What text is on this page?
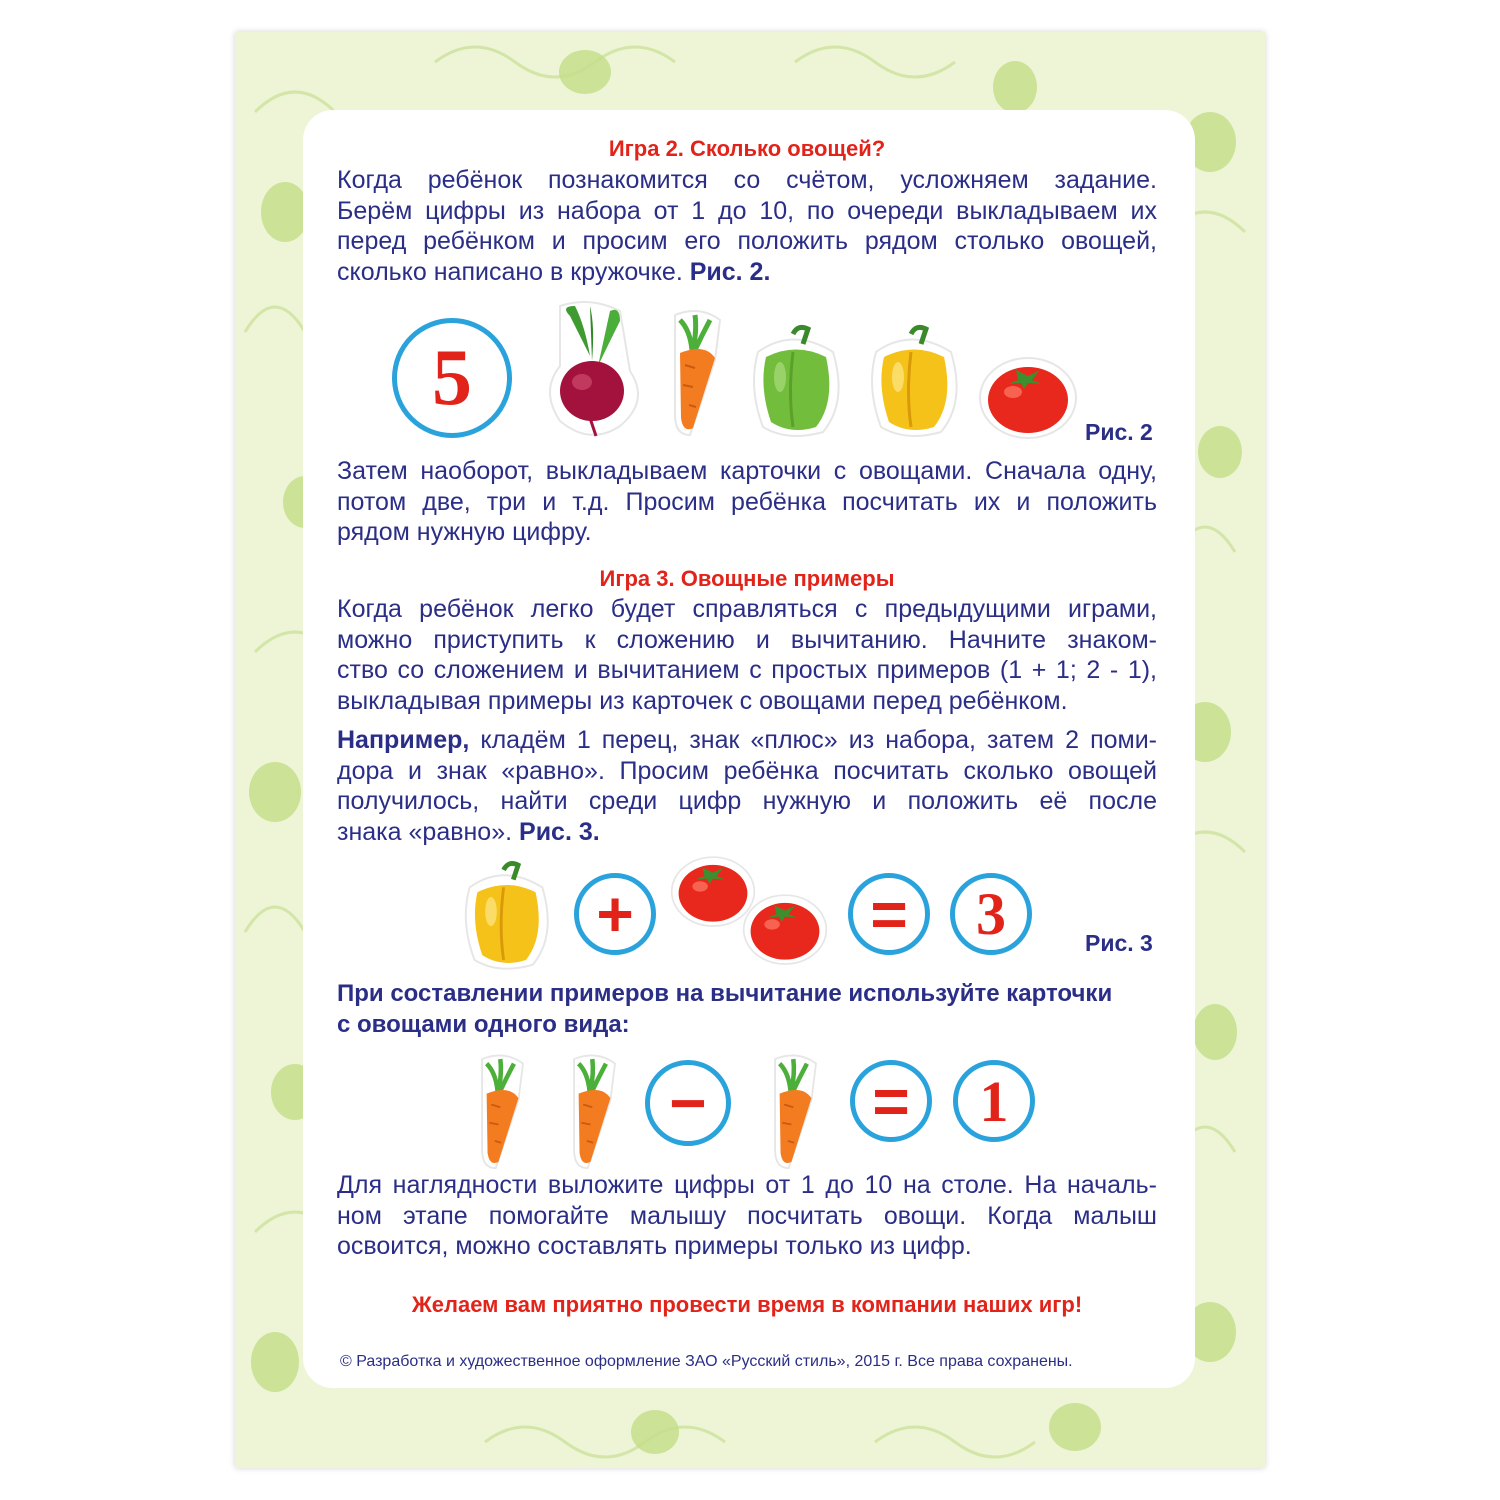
Игра 2. Сколько овощей?

Когда ребёнок познакомится со счётом, усложняем задание.
Берём цифры из набора от 1 до 10, по очереди выкладываем их
перед ребёнком и просим его положить рядом столько овощей,
сколько написано в кружочке. Рис. 2.
5
Рис. 2
Затем наоборот, выкладываем карточки с овощами. Сначала одну,
потом две, три и т.д. Просим ребёнка посчитать их и положить
рядом нужную цифру.

Игра 3. Овощные примеры

Когда ребёнок легко будет справляться с предыдущими играми,
можно приступить к сложению и вычитанию. Начните знаком-
ство со сложением и вычитанием с простых примеров (1 + 1; 2 - 1),
выкладывая примеры из карточек с овощами перед ребёнком.
Например, кладём 1 перец, знак «плюс» из набора, затем 2 поми-
дора и знак «равно». Просим ребёнка посчитать сколько овощей
получилось, найти среди цифр нужную и положить её после
знака «равно». Рис. 3.
+	=	3	Рис. 3
При составлении примеров на вычитание используйте карточки
с овощами одного вида:
−	=	1
Для наглядности выложите цифры от 1 до 10 на столе. На началь-
ном этапе помогайте малышу посчитать овощи. Когда малыш
освоится, можно составлять примеры только из цифр.

Желаем вам приятно провести время в компании наших игр!

© Разработка и художественное оформление ЗАО «Русский стиль», 2015 г. Все права сохранены.
